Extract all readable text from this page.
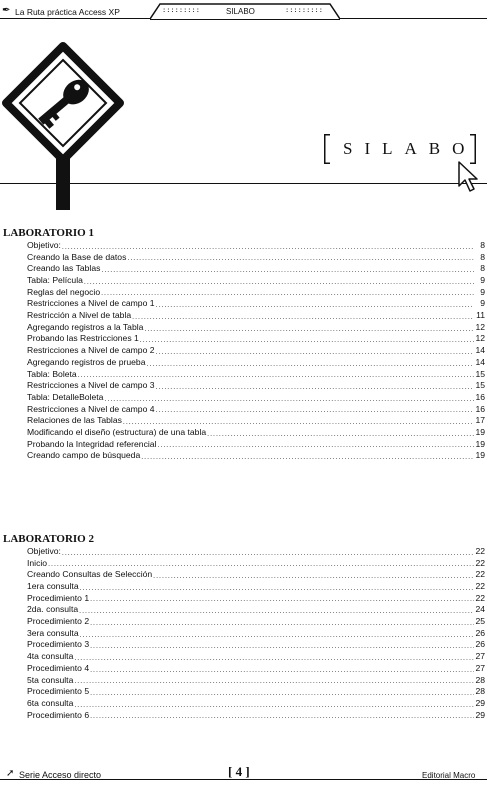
✒ La Ruta práctica Access XP	:::::::::	SILABO	:::::::::
SILABO
LABORATORIO 1
Objetivo: .....	8
Creando la Base de datos .....	8
Creando las Tablas .....	8
Tabla: Película .....	9
Reglas del negocio .....	9
Restricciones a Nivel de campo 1 .....	9
Restricción a Nivel de tabla .....	11
Agregando registros a la Tabla .....	12
Probando las Restricciones 1 .....	12
Restricciones a Nivel de campo 2 .....	14
Agregando registros de prueba .....	14
Tabla: Boleta .....	15
Restricciones a Nivel de campo 3 .....	15
Tabla: DetalleBoleta .....	16
Restricciones a Nivel de campo 4 .....	16
Relaciones de las Tablas .....	17
Modificando el diseño (estructura) de una tabla .....	19
Probando la Integridad referencial .....	19
Creando campo de búsqueda .....	19
LABORATORIO 2
Objetivo: .....	22
Inicio .....	22
Creando Consultas de Selección .....	22
1era consulta .....	22
Procedimiento 1 .....	22
2da. consulta .....	24
Procedimiento 2 .....	25
3era consulta .....	26
Procedimiento 3 .....	26
4ta consulta .....	27
Procedimiento 4 .....	27
5ta consulta .....	28
Procedimiento 5 .....	28
6ta consulta .....	29
Procedimiento 6 .....	29
➚ Serie Acceso directo	[ 4 ]	Editorial Macro
